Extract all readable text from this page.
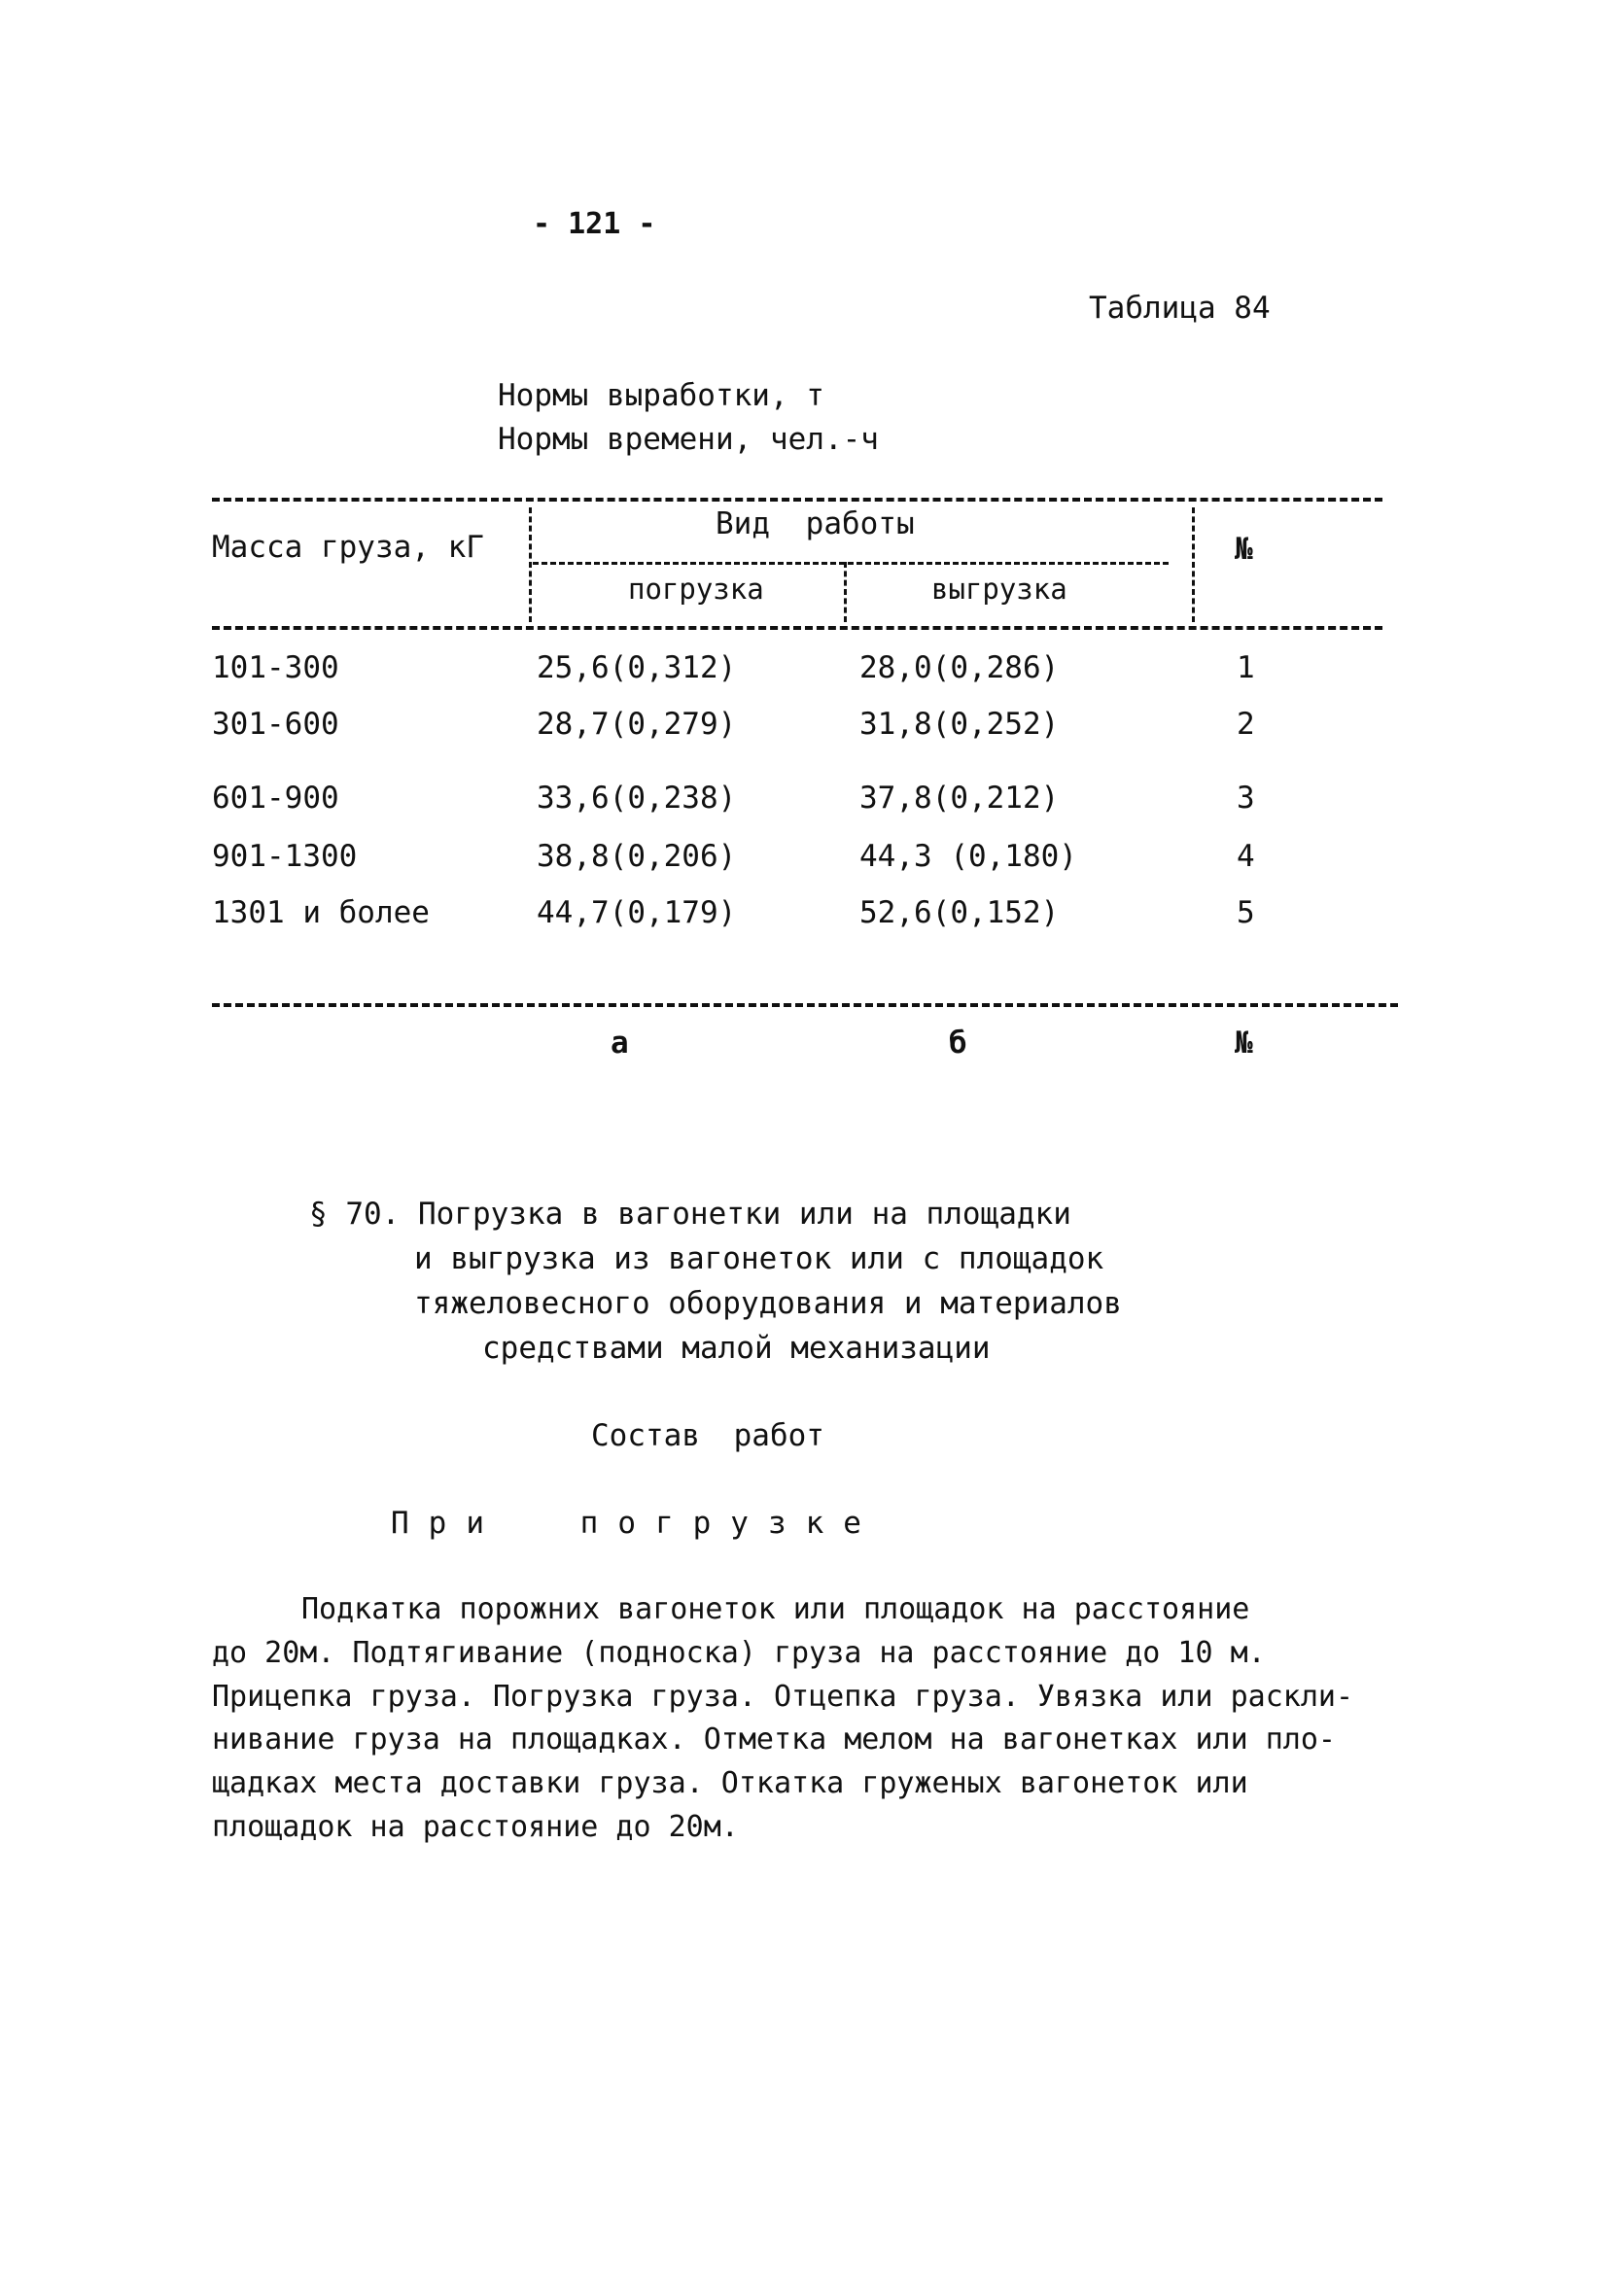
- 121 -
Таблица 84
Нормы выработки, т
Нормы времени, чел.-ч
Масса груза, кГ
Вид работы
погрузка	выгрузка
№
101-300	25,6(0,312)	28,0(0,286)	1
301-600	28,7(0,279)	31,8(0,252)	2
601-900	33,6(0,238)	37,8(0,212)	3
901-1300	38,8(0,206)	44,3 (0,180)	4
1301 и более	44,7(0,179)	52,6(0,152)	5
а	б	№
§ 70. Погрузка в вагонетки или на площадки
и выгрузка из вагонеток или с площадок
тяжеловесного оборудования и материалов
средствами малой механизации
Состав работ
При погрузке

Подкатка порожних вагонеток или площадок на расстояние

до 20м. Подтягивание (подноска) груза на расстояние до 10 м.

Прицепка груза. Погрузка груза. Отцепка груза. Увязка или раскли-

нивание груза на площадках. Отметка мелом на вагонетках или пло-

щадках места доставки груза. Откатка груженых вагонеток или

площадок на расстояние до 20м.
